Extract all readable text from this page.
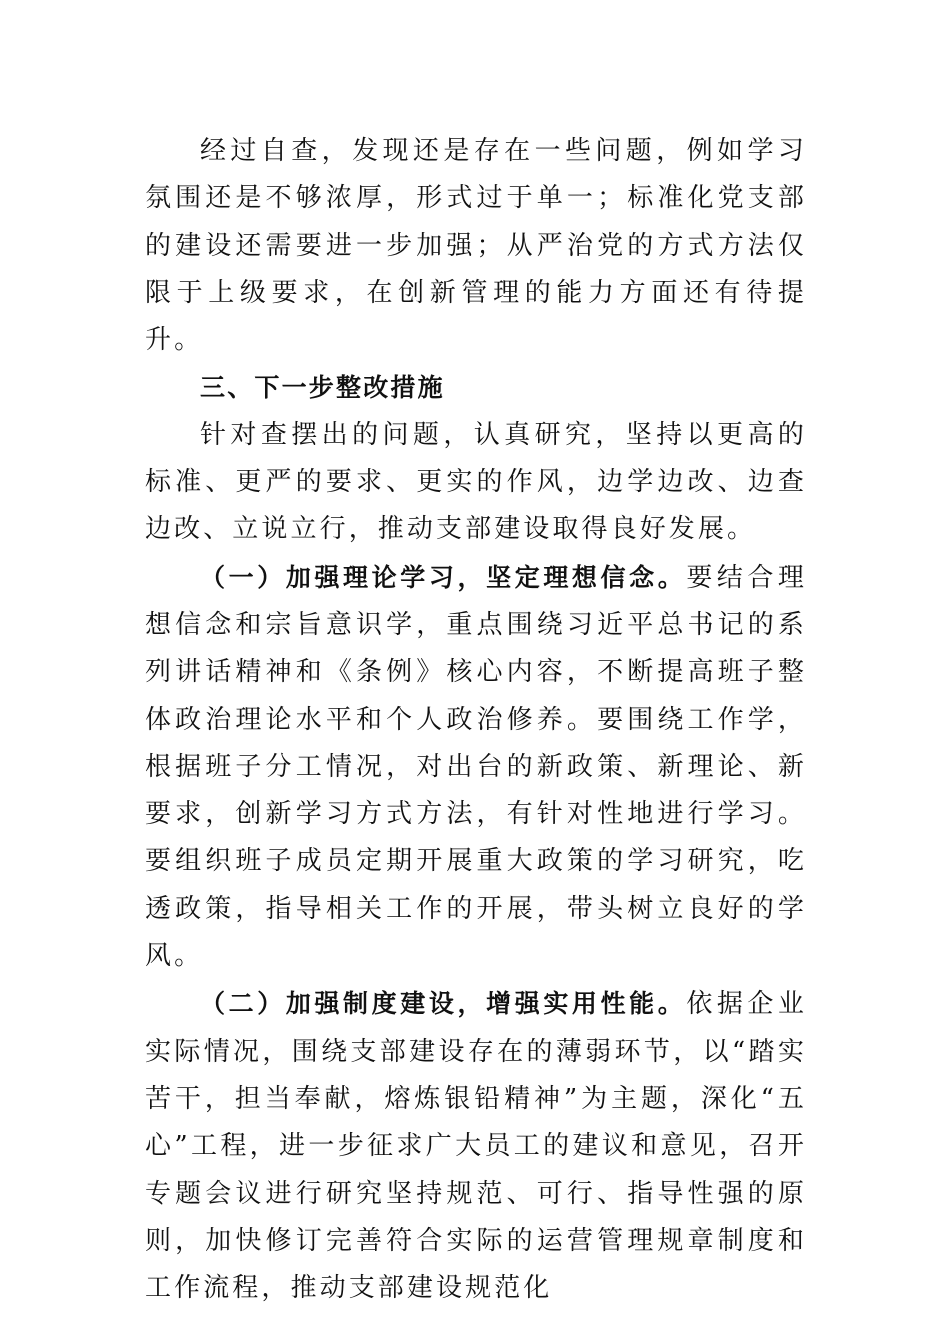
经过自查，发现还是存在一些问题，例如学习氛围还是不够浓厚，形式过于单一；标准化党支部的建设还需要进一步加强；从严治党的方式方法仅限于上级要求，在创新管理的能力方面还有待提升。

三、下一步整改措施

针对查摆出的问题，认真研究，坚持以更高的标准、更严的要求、更实的作风，边学边改、边查边改、立说立行，推动支部建设取得良好发展。

（一）加强理论学习，坚定理想信念。要结合理想信念和宗旨意识学，重点围绕习近平总书记的系列讲话精神和《条例》核心内容，不断提高班子整体政治理论水平和个人政治修养。要围绕工作学，根据班子分工情况，对出台的新政策、新理论、新要求，创新学习方式方法，有针对性地进行学习。要组织班子成员定期开展重大政策的学习研究，吃透政策，指导相关工作的开展，带头树立良好的学风。

（二）加强制度建设，增强实用性能。依据企业实际情况，围绕支部建设存在的薄弱环节，以“踏实苦干，担当奉献，熔炼银铅精神”为主题，深化“五心”工程，进一步征求广大员工的建议和意见，召开专题会议进行研究坚持规范、可行、指导性强的原则，加快修订完善符合实际的运营管理规章制度和工作流程，推动支部建设规范化
